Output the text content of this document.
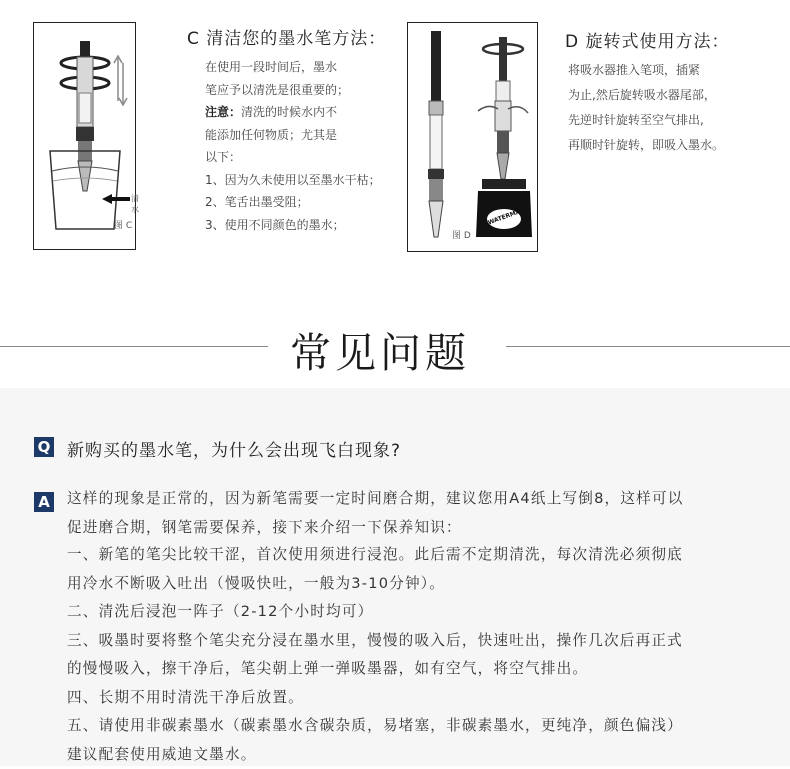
图 C
清水
C 清洁您的墨水笔方法：

在使用一段时间后，墨水

笔应予以清洗是很重要的；

注意：清洗的时候水内不

能添加任何物质；尤其是

以下：

1、因为久未使用以至墨水干枯；

2、笔舌出墨受阻；

3、使用不同颜色的墨水；

图 D
WATERMAN
D 旋转式使用方法：

将吸水器推入笔项，插紧

为止,然后旋转吸水器尾部，

先逆时针旋转至空气排出,

再顺时针旋转，即吸入墨水。

常见问题
Q 新购买的墨水笔，为什么会出现飞白现象?
A 这样的现象是正常的，因为新笔需要一定时间磨合期，建议您用A4纸上写倒8，这样可以

促进磨合期，钢笔需要保养，接下来介绍一下保养知识：

一、新笔的笔尖比较干涩，首次使用须进行浸泡。此后需不定期清洗，每次清洗必须彻底

用冷水不断吸入吐出（慢吸快吐，一般为3-10分钟）。

二、清洗后浸泡一阵子（2-12个小时均可）

三、吸墨时要将整个笔尖充分浸在墨水里，慢慢的吸入后，快速吐出，操作几次后再正式

的慢慢吸入，擦干净后，笔尖朝上弹一弹吸墨器，如有空气，将空气排出。

四、长期不用时清洗干净后放置。

五、请使用非碳素墨水（碳素墨水含碳杂质，易堵塞，非碳素墨水，更纯净，颜色偏浅）

建议配套使用威迪文墨水。
